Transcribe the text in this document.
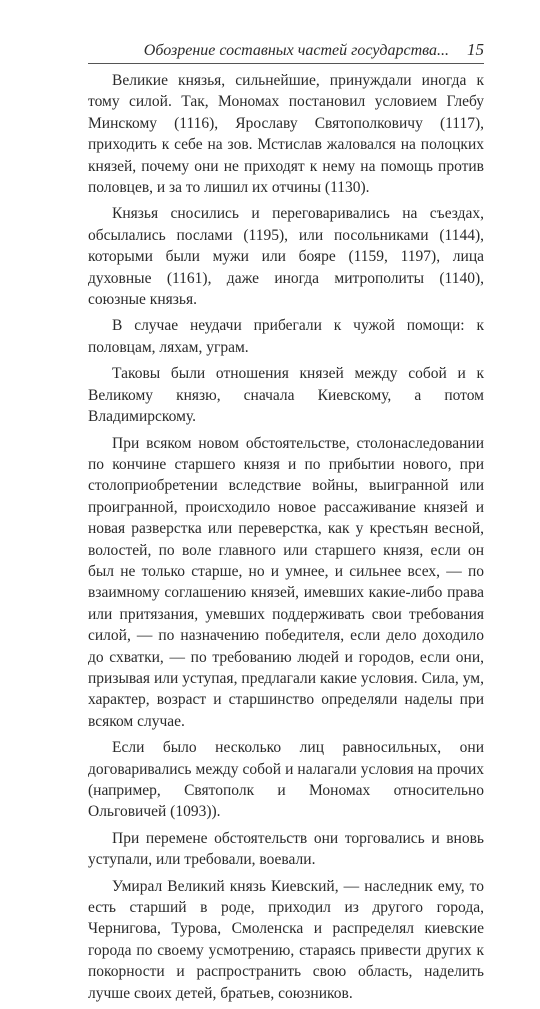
Обозрение составных частей государства... 15

Великие князья, сильнейшие, принуждали иногда к тому силой. Так, Мономах постановил условием Глебу Минскому (1116), Ярославу Святополковичу (1117), приходить к себе на зов. Мстислав жаловался на полоцких князей, почему они не приходят к нему на помощь против половцев, и за то лишил их отчины (1130).

Князья сносились и переговаривались на съездах, обсылались послами (1195), или посольниками (1144), которыми были мужи или бояре (1159, 1197), лица духовные (1161), даже иногда митрополиты (1140), союзные князья.

В случае неудачи прибегали к чужой помощи: к половцам, ляхам, уграм.

Таковы были отношения князей между собой и к Великому князю, сначала Киевскому, а потом Владимирскому.

При всяком новом обстоятельстве, столонаследовании по кончине старшего князя и по прибытии нового, при столоприобретении вследствие войны, выигранной или проигранной, происходило новое рассаживание князей и новая разверстка или переверстка, как у крестьян весной, волостей, по воле главного или старшего князя, если он был не только старше, но и умнее, и сильнее всех, — по взаимному соглашению князей, имевших какие-либо права или притязания, умевших поддерживать свои требования силой, — по назначению победителя, если дело доходило до схватки, — по требованию людей и городов, если они, призывая или уступая, предлагали какие условия. Сила, ум, характер, возраст и старшинство определяли наделы при всяком случае.

Если было несколько лиц равносильных, они договаривались между собой и налагали условия на прочих (например, Святополк и Мономах относительно Ольговичей (1093)).

При перемене обстоятельств они торговались и вновь уступали, или требовали, воевали.

Умирал Великий князь Киевский, — наследник ему, то есть старший в роде, приходил из другого города, Чернигова, Турова, Смоленска и распределял киевские города по своему усмотрению, стараясь привести других к покорности и распространить свою область, наделить лучше своих детей, братьев, союзников.
